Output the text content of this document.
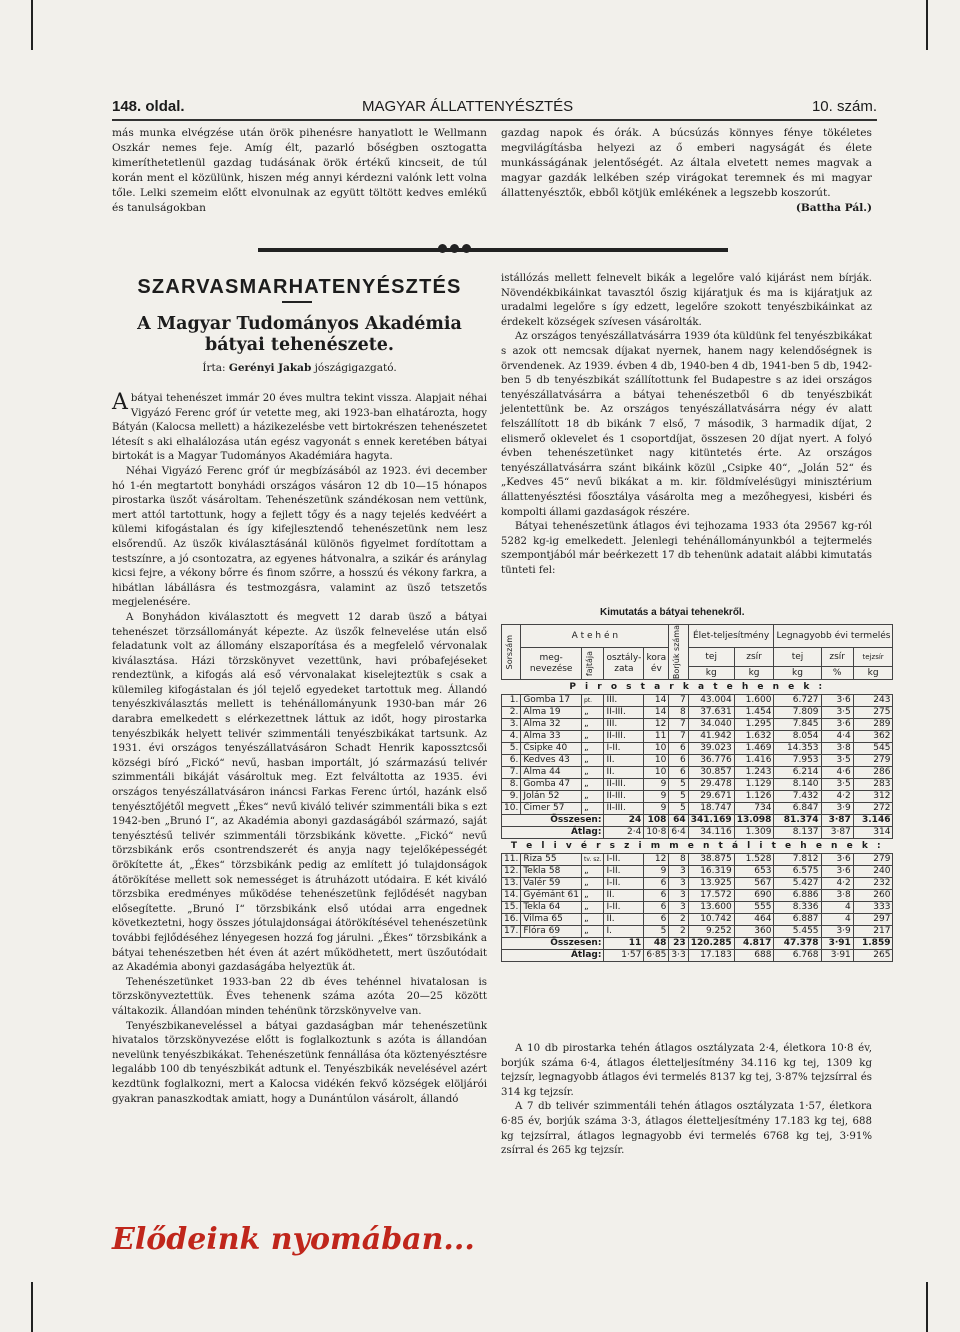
148. oldal.	MAGYAR ÁLLATTENYÉSZTÉS	10. szám.

más munka elvégzése után örök pihenésre hanyatlott le Wellmann Oszkár nemes feje. Amíg élt, pazarló bőségben osztogatta kimeríthetetlenül gazdag tudásának örök értékű kincseit, de túl korán ment el közülünk, hiszen még annyi kérdezni valónk lett volna tőle. Lelki szemeim előtt elvonulnak az együtt töltött kedves emlékű és tanulságokban

gazdag napok és órák. A búcsúzás könnyes fénye tökéletes megvilágításba helyezi az ő emberi nagyságát és élete munkásságának jelentőségét. Az általa elvetett nemes magvak a magyar gazdák lelkében szép virágokat teremnek és mi magyar állattenyésztők, ebből kötjük emlékének a legszebb koszorút.

(Battha Pál.)
SZARVASMARHATENYÉSZTÉS
A Magyar Tudományos Akadémia
bátyai tehenészete.
Írta: Gerényi Jakab jószágigazgató.

Abátyai tehenészet immár 20 éves multra tekint vissza. Alapjait néhai Vigyázó Ferenc gróf úr vetette meg, aki 1923-ban elhatározta, hogy Bátyán (Kalocsa mellett) a házikezelésbe vett birtokrészen tehenészetet létesít s aki elhalálozása után egész vagyonát s ennek keretében bátyai birtokát is a Magyar Tudományos Akadémiára hagyta.

Néhai Vigyázó Ferenc gróf úr megbízásából az 1923. évi december hó 1-én megtartott bonyhádi országos vásáron 12 db 10—15 hónapos pirostarka üszőt vásároltam. Tehenészetünk szándékosan nem vettünk, mert attól tartottunk, hogy a fejlett tőgy és a nagy tejelés kedvéért a külemi kifogástalan és így kifejlesztendő tehenészetünk nem lesz elsőrendű. Az üszők kiválasztásánál különös figyelmet fordítottam a testszínre, a jó csontozatra, az egyenes hátvonalra, a szikár és aránylag kicsi fejre, a vékony bőrre és finom szőrre, a hosszú és vékony farkra, a hibátlan lábállásra és testmozgásra, valamint az üsző tetszetős megjelenésére.

A Bonyhádon kiválasztott és megvett 12 darab üsző a bátyai tehenészet törzsállományát képezte. Az üszők felnevelése után első feladatunk volt az állomány elszaporítása és a megfelelő vérvonalak kiválasztása. Házi törzskönyvet vezettünk, havi próbafejéseket rendeztünk, a kifogás alá eső vérvonalakat kiselejteztük s csak a külemileg kifogástalan és jól tejelő egyedeket tartottuk meg. Állandó tenyészkiválasztás mellett is tehénállományunk 1930-ban már 26 darabra emelkedett s elérkezettnek láttuk az időt, hogy pirostarka tenyészbikák helyett telivér szimmentáli tenyészbikákat tartsunk. Az 1931. évi országos tenyészállatvásáron Schadt Henrik kapossztcsői községi bíró „Fickó“ nevű, hasban importált, jó származású telivér szimmentáli bikáját vásároltuk meg. Ezt felváltotta az 1935. évi országos tenyészállatvásáron ináncsi Farkas Ferenc úrtól, hazánk első tenyésztőjétől megvett „Ékes“ nevű kiváló telivér szimmentáli bika s ezt 1942-ben „Brunó I“, az Akadémia abonyi gazdaságából származó, saját tenyésztésű telivér szimmentáli törzsbikánk követte. „Fickó“ nevű törzsbikánk erős csontrendszerét és anyja nagy tejelőképességét örökítette át, „Ékes“ törzsbikánk pedig az említett jó tulajdonságok átörökítése mellett sok nemességet is átruházott utódaira. E két kiváló törzsbika eredményes működése tehenészetünk fejlődését nagyban elősegítette. „Brunó I“ törzsbikánk első utódai arra engednek következtetni, hogy összes jótulajdonságai átörökítésével tehenészetünk további fejlődéséhez lényegesen hozzá fog járulni. „Ékes“ törzsbikánk a bátyai tehenészetben hét éven át azért működhetett, mert üszőutódait az Akadémia abonyi gazdaságába helyeztük át.

Tehenészetünket 1933-ban 22 db éves tehénnel hivatalosan is törzskönyveztettük. Éves tehenenk száma azóta 20—25 között váltakozik. Állandóan minden tehénünk törzskönyvelve van.

Tenyészbikaneveléssel a bátyai gazdaságban már tehenészetünk hivatalos törzskönyvezése előtt is foglalkoztunk s azóta is állandóan nevelünk tenyészbikákat. Tehenészetünk fennállása óta köztenyésztésre legalább 100 db tenyészbikát adtunk el. Tenyészbikák nevelésével azért kezdtünk foglalkozni, mert a Kalocsa vidékén fekvő községek elöljárói gyakran panaszkodtak amiatt, hogy a Dunántúlon vásárolt, állandó

istállózás mellett felnevelt bikák a legelőre való kijárást nem bírják. Növendékbikáinkat tavasztól őszig kijáratjuk és ma is kijáratjuk az uradalmi legelőre s így edzett, legelőre szokott tenyészbikáinkat az érdekelt községek szívesen vásárolták.

Az országos tenyészállatvásárra 1939 óta küldünk fel tenyészbikákat s azok ott nemcsak díjakat nyernek, hanem nagy kelendőségnek is örvendenek. Az 1939. évben 4 db, 1940-ben 4 db, 1941-ben 5 db, 1942-ben 5 db tenyészbikát szállítottunk fel Budapestre s az idei országos tenyészállatvásárra a bátyai tehenészetből 6 db tenyészbikát jelentettünk be. Az országos tenyészállatvásárra négy év alatt felszállított 18 db bikánk 7 első, 7 második, 3 harmadik díjat, 2 elismerő oklevelet és 1 csoportdíjat, összesen 20 díjat nyert. A folyó évben tehenészetünket nagy kitüntetés érte. Az országos tenyészállatvásárra szánt bikáink közül „Csipke 40“, „Jolán 52“ és „Kedves 45“ nevű bikákat a m. kir. földmívelésügyi minisztérium állattenyésztési főosztálya vásárolta meg a mezőhegyesi, kisbéri és kompolti állami gazdaságok részére.

Bátyai tehenészetünk átlagos évi tejhozama 1933 óta 29567 kg-ról 5282 kg-ig emelkedett. Jelenlegi tehénállományunkból a tejtermelés szempontjából már beérkezett 17 db tehenünk adatait alábbi kimutatás tünteti fel:

Kimutatás a bátyai tehenekről.
Sorszám	A t e h é n				Borjúk száma	Élet-teljesítmény		Legnagyobb évi termelés		
	meg-nevezése	fajtája	osztály-zata	kora év		tej	zsír	tej	zsír	tejzsír
						kg	kg	kg	%	kg
P i r o s t a r k a t e h e n e k :										
1.	Gomba 17	pt.	III.	14	7	43.004	1.600	6.727	3·6	243
2.	Alma 19	„	II-III.	14	8	37.631	1.454	7.809	3·5	275
3.	Alma 32	„	III.	12	7	34.040	1.295	7.845	3·6	289
4.	Alma 33	„	II-III.	11	7	41.942	1.632	8.054	4·4	362
5.	Csipke 40	„	I-II.	10	6	39.023	1.469	14.353	3·8	545
6.	Kedves 43	„	II.	10	6	36.776	1.416	7.953	3·5	279
7.	Alma 44	„	II.	10	6	30.857	1.243	6.214	4·6	286
8.	Gomba 47	„	II-III.	9	5	29.478	1.129	8.140	3·5	283
9.	Jolán 52	„	II-III.	9	5	29.671	1.126	7.432	4·2	312
10.	Cimer 57	„	II-III.	9	5	18.747	734	6.847	3·9	272
Összesen:			24	108	64	341.169	13.098	81.374	3·87	3.146
Átlag:			2·4	10·8	6·4	34.116	1.309	8.137	3·87	314
T e l i v é r s z i m m e n t á l i t e h e n e k :										
11.	Riza 55	tv. sz.	I-II.	12	8	38.875	1.528	7.812	3·6	279
12.	Tekla 58	„	I-II.	9	3	16.319	653	6.575	3·6	240
13.	Valér 59	„	I-II.	6	3	13.925	567	5.427	4·2	232
14.	Gyémánt 61	„	II.	6	3	17.572	690	6.886	3·8	260
15.	Tekla 64	„	I-II.	6	3	13.600	555	8.336	4	333
16.	Vilma 65	„	II.	6	2	10.742	464	6.887	4	297
17.	Flóra 69	„	I.	5	2	9.252	360	5.455	3·9	217
Összesen:			11	48	23	120.285	4.817	47.378	3·91	1.859
Átlag:			1·57	6·85	3·3	17.183	688	6.768	3·91	265

A 10 db pirostarka tehén átlagos osztályzata 2·4, életkora 10·8 év, borjúk száma 6·4, átlagos életteljesítmény 34.116 kg tej, 1309 kg tejzsír, legnagyobb átlagos évi termelés 8137 kg tej, 3·87% tejzsírral és 314 kg tejzsír.

A 7 db telivér szimmentáli tehén átlagos osztályzata 1·57, életkora 6·85 év, borjúk száma 3·3, átlagos életteljesítmény 17.183 kg tej, 688 kg tejzsírral, átlagos legnagyobb évi termelés 6768 kg tej, 3·91% zsírral és 265 kg tejzsír.

Elődeink nyomában...
